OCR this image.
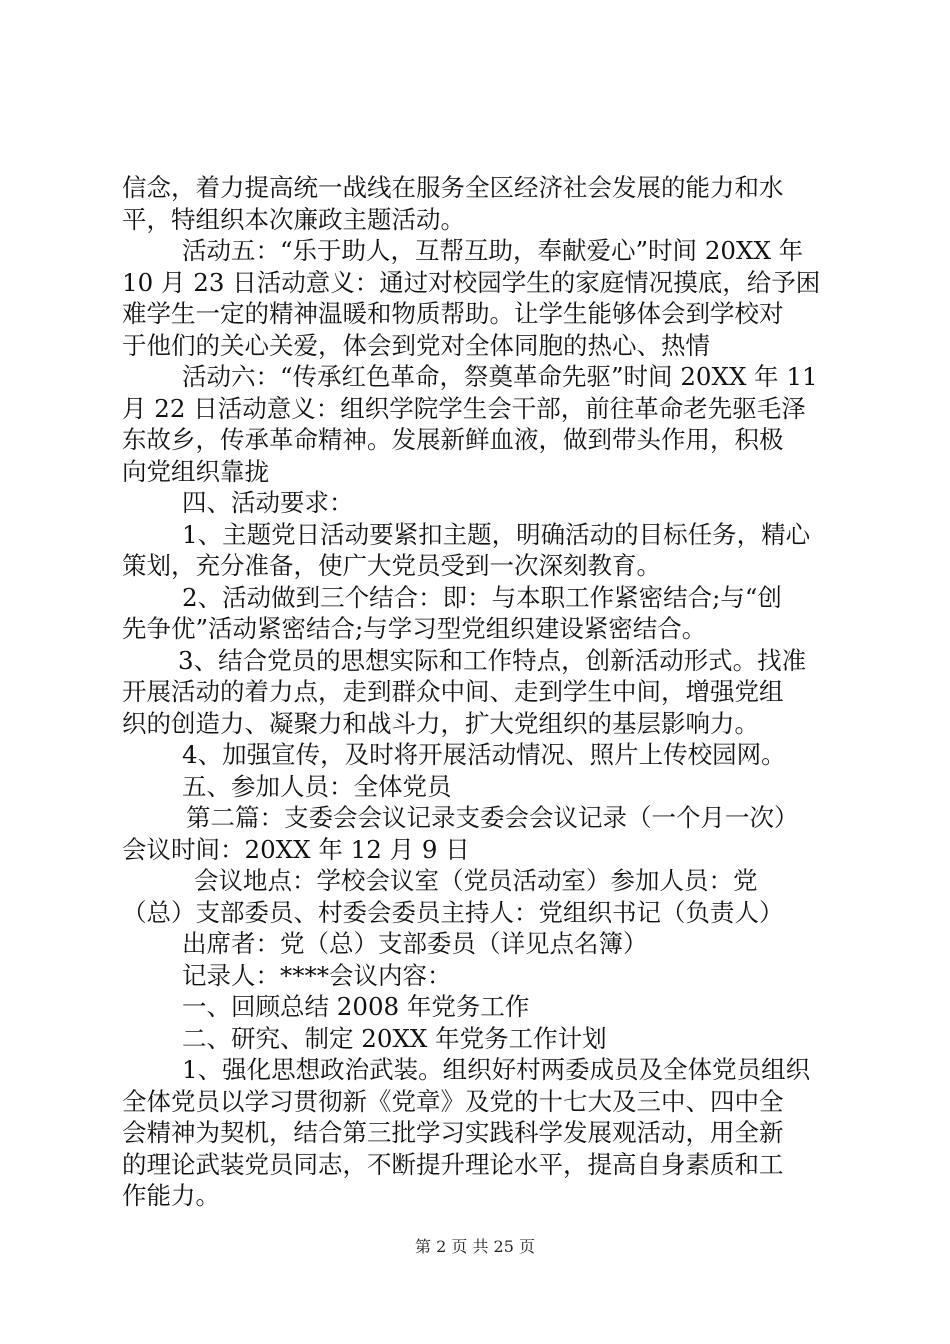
信念，着力提高统一战线在服务全区经济社会发展的能力和水
平，特组织本次廉政主题活动。
活动五：“乐于助人，互帮互助，奉献爱心”时间 20XX 年
10 月 23 日活动意义：通过对校园学生的家庭情况摸底，给予困
难学生一定的精神温暖和物质帮助。让学生能够体会到学校对
于他们的关心关爱，体会到党对全体同胞的热心、热情
活动六：“传承红色革命，祭奠革命先驱”时间 20XX 年 11
月 22 日活动意义：组织学院学生会干部，前往革命老先驱毛泽
东故乡，传承革命精神。发展新鲜血液，做到带头作用，积极
向党组织靠拢
四、活动要求：
1、主题党日活动要紧扣主题，明确活动的目标任务，精心
策划，充分准备，使广大党员受到一次深刻教育。
2、活动做到三个结合：即：与本职工作紧密结合;与“创
先争优”活动紧密结合;与学习型党组织建设紧密结合。
3、结合党员的思想实际和工作特点，创新活动形式。找准
开展活动的着力点，走到群众中间、走到学生中间，增强党组
织的创造力、凝聚力和战斗力，扩大党组织的基层影响力。
4、加强宣传，及时将开展活动情况、照片上传校园网。
五、参加人员：全体党员
第二篇：支委会会议记录支委会会议记录（一个月一次）
会议时间：20XX 年 12 月 9 日
会议地点：学校会议室（党员活动室）参加人员：党
（总）支部委员、村委会委员主持人：党组织书记（负责人）
出席者：党（总）支部委员（详见点名簿）
记录人：****会议内容：
一、回顾总结 2008 年党务工作
二、研究、制定 20XX 年党务工作计划
1、强化思想政治武装。组织好村两委成员及全体党员组织
全体党员以学习贯彻新《党章》及党的十七大及三中、四中全
会精神为契机，结合第三批学习实践科学发展观活动，用全新
的理论武装党员同志，不断提升理论水平，提高自身素质和工
作能力。
第 2 页 共 25 页
